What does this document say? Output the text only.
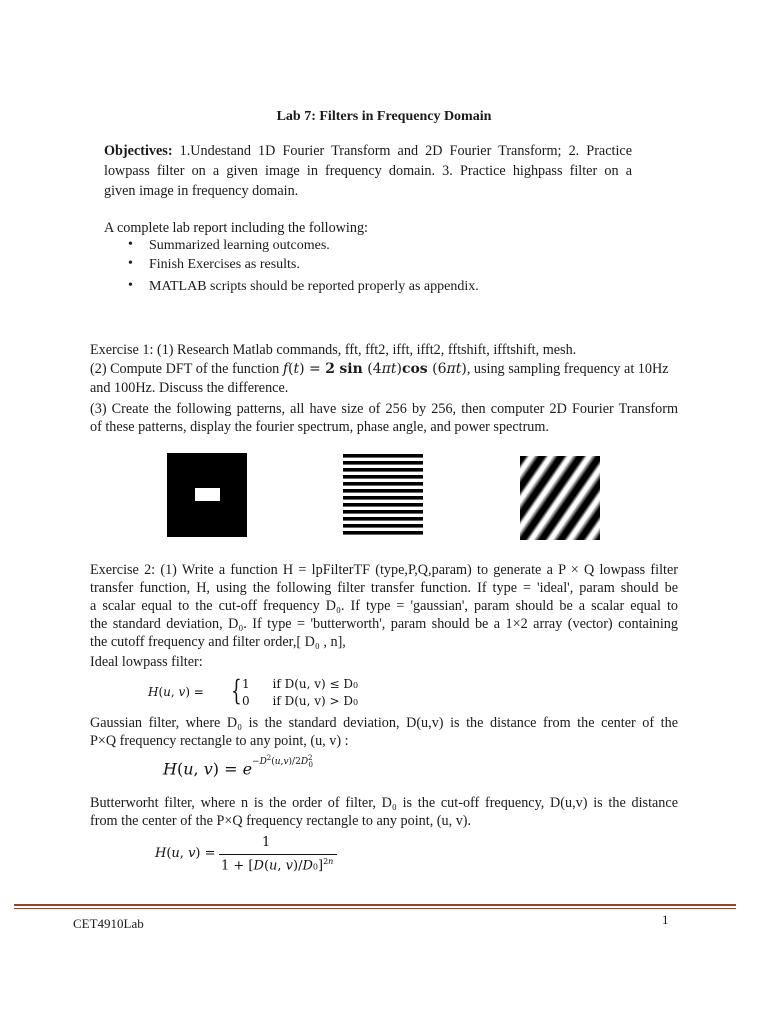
Lab 7: Filters in Frequency Domain
Objectives: 1.Undestand 1D Fourier Transform and 2D Fourier Transform; 2. Practice
lowpass filter on a given image in frequency domain. 3. Practice highpass filter on a
given image in frequency domain.
A complete lab report including the following:
• Summarized learning outcomes.
• Finish Exercises as results.
• MATLAB scripts should be reported properly as appendix.
Exercise 1: (1) Research Matlab commands, fft, fft2, ifft, ifft2, fftshift, ifftshift, mesh.
(2) Compute DFT of the function f(t) = 2 sin (4πt)cos (6πt), using sampling frequency at 10Hz
and 100Hz. Discuss the difference.
(3) Create the following patterns, all have size of 256 by 256, then computer 2D Fourier Transform
of these patterns, display the fourier spectrum, phase angle, and power spectrum.
Exercise 2: (1) Write a function H = lpFilterTF (type,P,Q,param) to generate a P × Q lowpass filter
transfer function, H, using the following filter transfer function. If type = 'ideal', param should be
a scalar equal to the cut-off frequency D₀. If type = 'gaussian', param should be a scalar equal to
the standard deviation, D₀. If type = 'butterworth', param should be a 1×2 array (vector) containing
the cutoff frequency and filter order,[ D₀ , n],
Ideal lowpass filter:
H(u, v) = { 1      if D(u, v) ≤ D 0
0      if D(u, v) > D 0
Gaussian filter, where D₀ is the standard deviation, D(u,v) is the distance from the center of the
P×Q frequency rectangle to any point, (u, v) :
H(u, $v) = e^{-D^2(u,v)/2D^2_0}$
Butterworht filter, where n is the order of filter, D₀ is the cut-off frequency, D(u,v) is the distance
from the center of the P×Q frequency rectangle to any point, (u, v).
H(u, v) =
1
1 + [D(u, v)/D0]$^{2n}$
CET4910Lab	1
